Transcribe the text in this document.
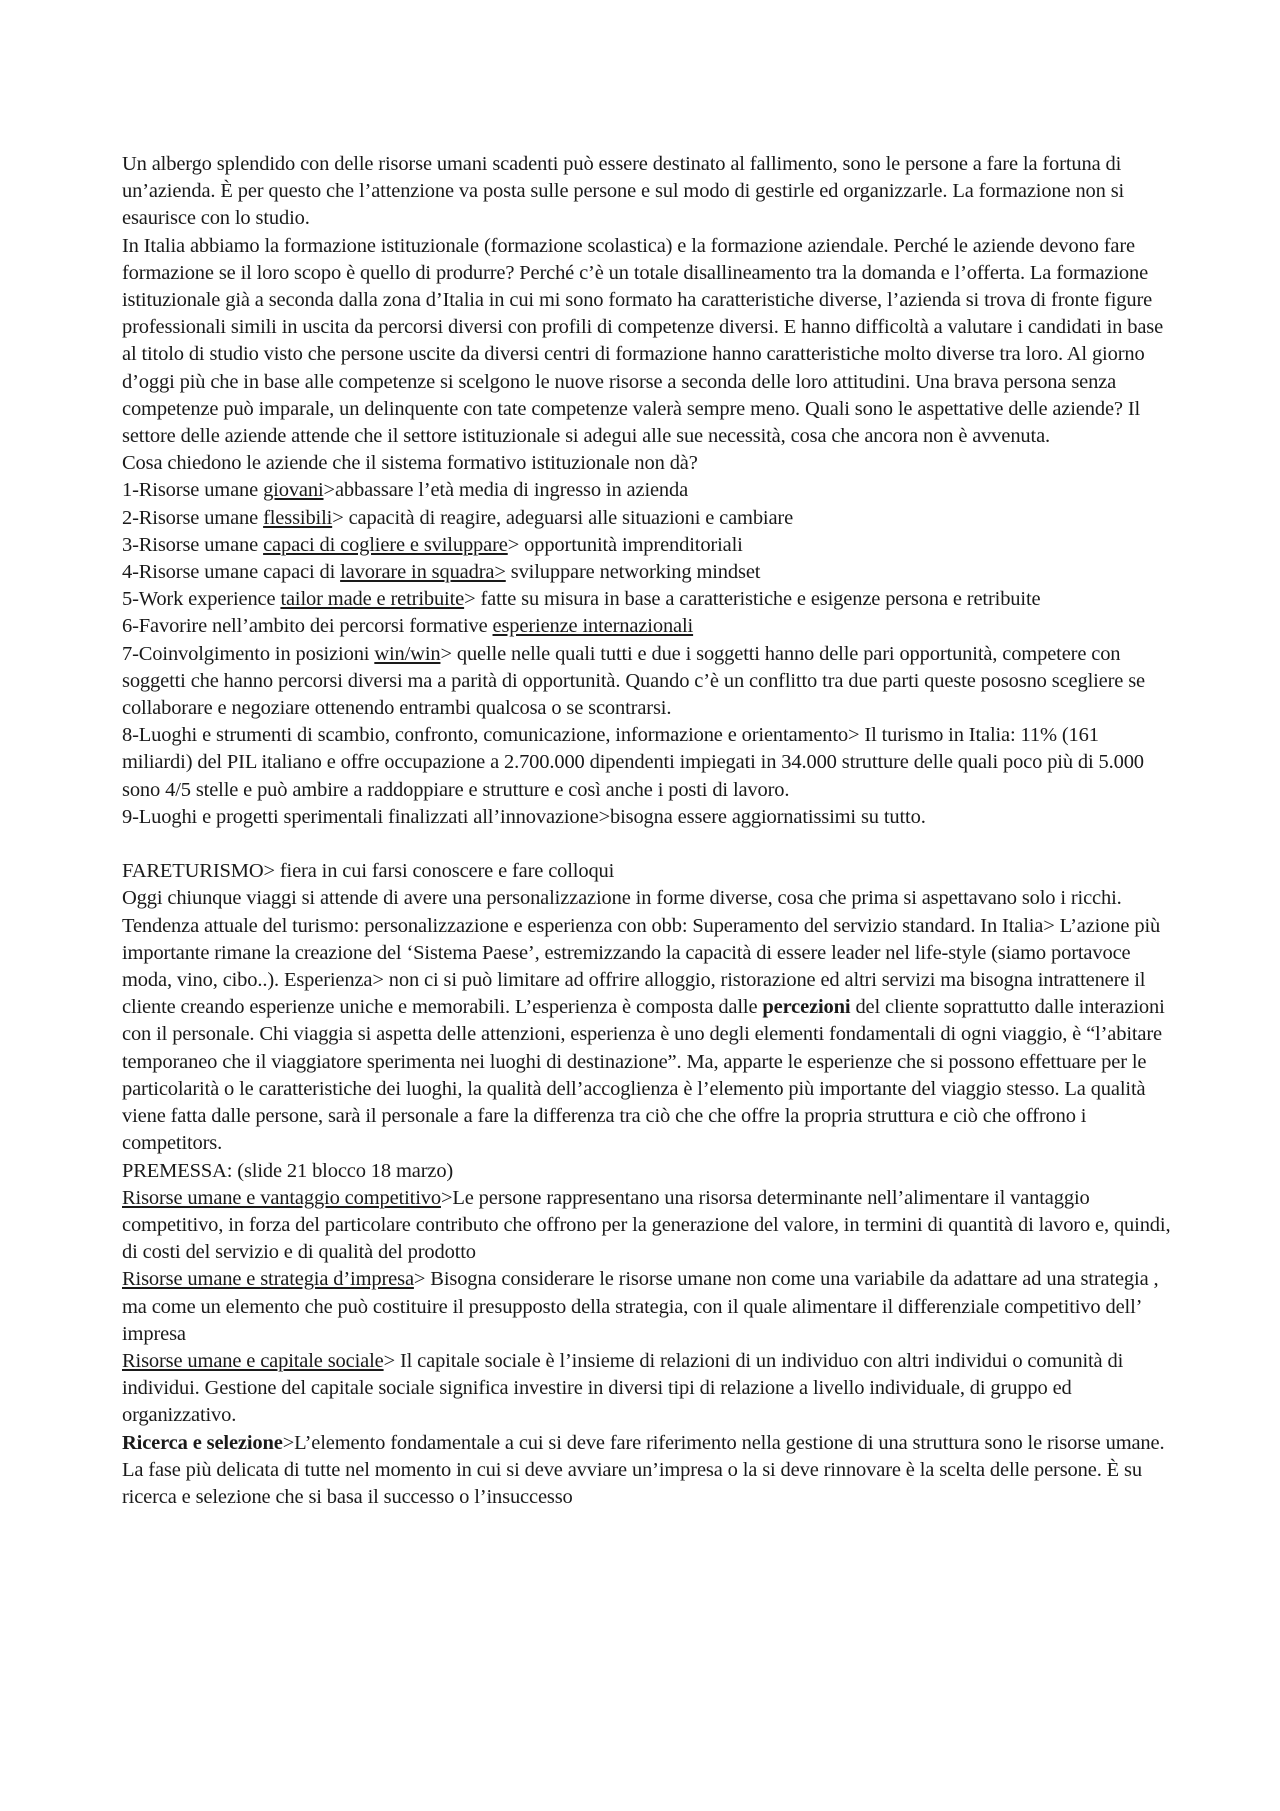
Un albergo splendido con delle risorse umani scadenti può essere destinato al fallimento, sono le persone a fare la fortuna di un’azienda. È per questo che l’attenzione va posta sulle persone e sul modo di gestirle ed organizzarle. La formazione non si esaurisce con lo studio.

In Italia abbiamo la formazione istituzionale (formazione scolastica) e la formazione aziendale. Perché le aziende devono fare formazione se il loro scopo è quello di produrre? Perché c’è un totale disallineamento tra la domanda e l’offerta. La formazione istituzionale già a seconda dalla zona d’Italia in cui mi sono formato ha caratteristiche diverse, l’azienda si trova di fronte figure professionali simili in uscita da percorsi diversi con profili di competenze diversi. E hanno difficoltà a valutare i candidati in base al titolo di studio visto che persone uscite da diversi centri di formazione hanno caratteristiche molto diverse tra loro. Al giorno d’oggi più che in base alle competenze si scelgono le nuove risorse a seconda delle loro attitudini. Una brava persona senza competenze può imparale, un delinquente con tate competenze valerà sempre meno. Quali sono le aspettative delle aziende? Il settore delle aziende attende che il settore istituzionale si adegui alle sue necessità, cosa che ancora non è avvenuta.

Cosa chiedono le aziende che il sistema formativo istituzionale non dà?

1-Risorse umane giovani>abbassare l’età media di ingresso in azienda

2-Risorse umane flessibili> capacità di reagire, adeguarsi alle situazioni e cambiare

3-Risorse umane capaci di cogliere e sviluppare> opportunità imprenditoriali

4-Risorse umane capaci di lavorare in squadra> sviluppare networking mindset

5-Work experience tailor made e retribuite> fatte su misura in base a caratteristiche e esigenze persona e retribuite

6-Favorire nell’ambito dei percorsi formative esperienze internazionali

7-Coinvolgimento in posizioni win/win> quelle nelle quali tutti e due i soggetti hanno delle pari opportunità, competere con soggetti che hanno percorsi diversi ma a parità di opportunità. Quando c’è un conflitto tra due parti queste pososno scegliere se collaborare e negoziare ottenendo entrambi qualcosa o se scontrarsi.

8-Luoghi e strumenti di scambio, confronto, comunicazione, informazione e orientamento> Il turismo in Italia: 11% (161 miliardi) del PIL italiano e offre occupazione a 2.700.000 dipendenti impiegati in 34.000 strutture delle quali poco più di 5.000 sono 4/5 stelle e può ambire a raddoppiare e strutture e così anche i posti di lavoro.

9-Luoghi e progetti sperimentali finalizzati all’innovazione>bisogna essere aggiornatissimi su tutto.

FARETURISMO> fiera in cui farsi conoscere e fare colloqui

Oggi chiunque viaggi si attende di avere una personalizzazione in forme diverse, cosa che prima si aspettavano solo i ricchi.

Tendenza attuale del turismo: personalizzazione e esperienza con obb: Superamento del servizio standard. In Italia> L’azione più importante rimane la creazione del ‘Sistema Paese’, estremizzando la capacità di essere leader nel life-style (siamo portavoce moda, vino, cibo..). Esperienza> non ci si può limitare ad offrire alloggio, ristorazione ed altri servizi ma bisogna intrattenere il cliente creando esperienze uniche e memorabili. L’esperienza è composta dalle percezioni del cliente soprattutto dalle interazioni con il personale. Chi viaggia si aspetta delle attenzioni, esperienza è uno degli elementi fondamentali di ogni viaggio, è “l’abitare temporaneo che il viaggiatore sperimenta nei luoghi di destinazione”. Ma, apparte le esperienze che si possono effettuare per le particolarità o le caratteristiche dei luoghi, la qualità dell’accoglienza è l’elemento più importante del viaggio stesso. La qualità viene fatta dalle persone, sarà il personale a fare la differenza tra ciò che che offre la propria struttura e ciò che offrono i competitors.

PREMESSA: (slide 21 blocco 18 marzo)

Risorse umane e vantaggio competitivo>Le persone rappresentano una risorsa determinante nell’alimentare il vantaggio competitivo, in forza del particolare contributo che offrono per la generazione del valore, in termini di quantità di lavoro e, quindi, di costi del servizio e di qualità del prodotto

Risorse umane e strategia d’impresa> Bisogna considerare le risorse umane non come una variabile da adattare ad una strategia , ma come un elemento che può costituire il presupposto della strategia, con il quale alimentare il differenziale competitivo dell’ impresa

Risorse umane e capitale sociale> Il capitale sociale è l’insieme di relazioni di un individuo con altri individui o comunità di individui. Gestione del capitale sociale significa investire in diversi tipi di relazione a livello individuale, di gruppo ed organizzativo.

Ricerca e selezione>L’elemento fondamentale a cui si deve fare riferimento nella gestione di una struttura sono le risorse umane. La fase più delicata di tutte nel momento in cui si deve avviare un’impresa o la si deve rinnovare è la scelta delle persone. È su ricerca e selezione che si basa il successo o l’insuccesso
